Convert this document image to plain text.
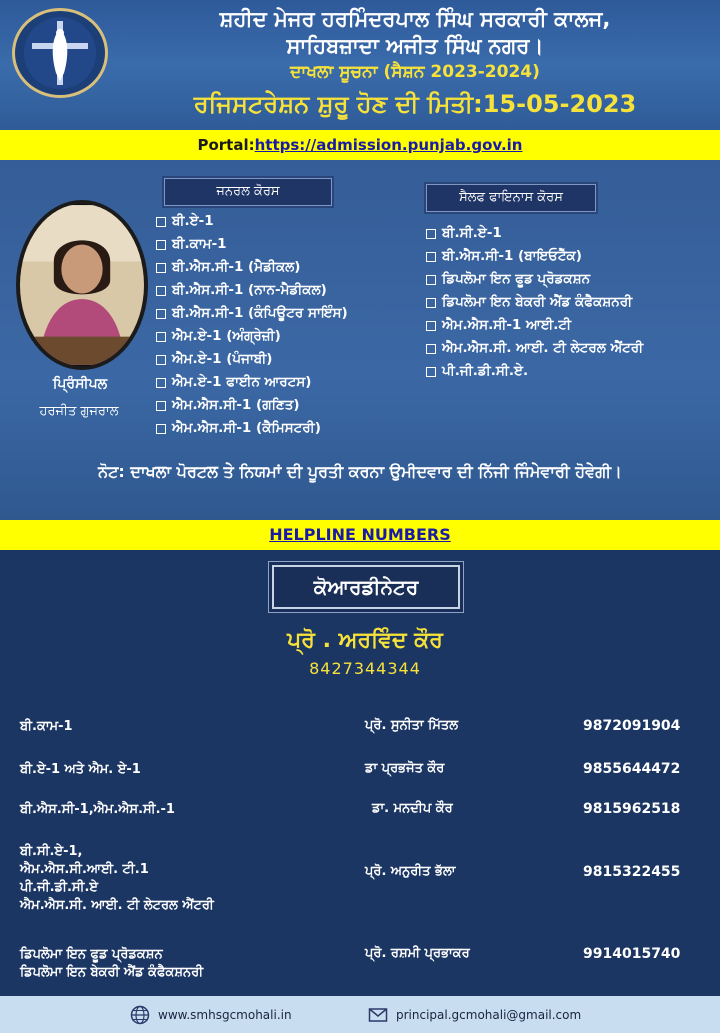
ਸ਼ਹੀਦ ਮੇਜਰ ਹਰਮਿੰਦਰਪਾਲ ਸਿੰਘ ਸਰਕਾਰੀ ਕਾਲਜ,
ਸਾਹਿਬਜ਼ਾਦਾ ਅਜੀਤ ਸਿੰਘ ਨਗਰ।
ਦਾਖਲਾ ਸੂਚਨਾ (ਸੈਸ਼ਨ 2023-2024)
ਰਜਿਸਟਰੇਸ਼ਨ ਸ਼ੁਰੂ ਹੋਣ ਦੀ ਮਿਤੀ:15-05-2023
Portal:https://admission.punjab.gov.in
ਜਨਰਲ ਕੋਰਸ
ਬੀ.ਏ-1
ਬੀ.ਕਾਮ-1
ਬੀ.ਐਸ.ਸੀ-1 (ਮੈਡੀਕਲ)
ਬੀ.ਐਸ.ਸੀ-1 (ਨਾਨ-ਮੈਡੀਕਲ)
ਬੀ.ਐਸ.ਸੀ-1 (ਕੰਪਿਊਟਰ ਸਾਇੰਸ)
ਐਮ.ਏ-1 (ਅੰਗ੍ਰੇਜ਼ੀ)
ਐਮ.ਏ-1 (ਪੰਜਾਬੀ)
ਐਮ.ਏ-1 ਫਾਈਨ ਆਰਟਸ)
ਐਮ.ਐਸ.ਸੀ-1 (ਗਣਿਤ)
ਐਮ.ਐਸ.ਸੀ-1 (ਕੈਮਿਸਟਰੀ)
ਸੈਲਫ ਫਾਇਨਾਸ ਕੋਰਸ
ਬੀ.ਸੀ.ਏ-1
ਬੀ.ਐਸ.ਸੀ-1 (ਬਾਇਓਟੈੱਕ)
ਡਿਪਲੋਮਾ ਇਨ ਫੂਡ ਪ੍ਰੋਡਕਸ਼ਨ
ਡਿਪਲੋਮਾ ਇਨ ਬੇਕਰੀ ਐਂਡ ਕੰਫੈਕਸ਼ਨਰੀ
ਐਮ.ਐਸ.ਸੀ-1 ਆਈ.ਟੀ
ਐਮ.ਐਸ.ਸੀ. ਆਈ. ਟੀ ਲੇਟਰਲ ਐਂਟਰੀ
ਪੀ.ਜੀ.ਡੀ.ਸੀ.ਏ.
ਪ੍ਰਿੰਸੀਪਲ
ਹਰਜੀਤ ਗੁਜਰਾਲ
ਨੋਟ: ਦਾਖਲਾ ਪੋਰਟਲ ਤੇ ਨਿਯਮਾਂ ਦੀ ਪੂਰਤੀ ਕਰਨਾ ਉਮੀਦਵਾਰ ਦੀ ਨਿੱਜੀ ਜਿੰਮੇਵਾਰੀ ਹੋਵੇਗੀ।
HELPLINE NUMBERS
ਕੋਆਰਡੀਨੇਟਰ
ਪ੍ਰੋ . ਅਰਵਿੰਦ ਕੌਰ
8427344344
ਬੀ.ਕਾਮ-1	ਪ੍ਰੋ. ਸੁਨੀਤਾ ਮਿੱਤਲ	9872091904
ਬੀ.ਏ-1 ਅਤੇ ਐਮ. ਏ-1	ਡਾ ਪ੍ਰਭਜੋਤ ਕੌਰ	9855644472
ਬੀ.ਐਸ.ਸੀ-1,ਐਮ.ਐਸ.ਸੀ.-1	ਡਾ. ਮਨਦੀਪ ਕੌਰ	9815962518
ਬੀ.ਸੀ.ਏ-1,
ਐਮ.ਐਸ.ਸੀ.ਆਈ. ਟੀ.1
ਪੀ.ਜੀ.ਡੀ.ਸੀ.ਏ
ਐਮ.ਐਸ.ਸੀ. ਆਈ. ਟੀ ਲੇਟਰਲ ਐਂਟਰੀ
ਪ੍ਰੋ. ਅਨੁਰੀਤ ਭੱਲਾ	9815322455
ਡਿਪਲੋਮਾ ਇਨ ਫੂਡ ਪ੍ਰੋਡਕਸ਼ਨ
ਡਿਪਲੋਮਾ ਇਨ ਬੇਕਰੀ ਐਂਡ ਕੰਫੈਕਸ਼ਨਰੀ
ਪ੍ਰੋ. ਰਸ਼ਮੀ ਪ੍ਰਭਾਕਰ	9914015740
www.smhsgcmohali.in	principal.gcmohali@gmail.com
